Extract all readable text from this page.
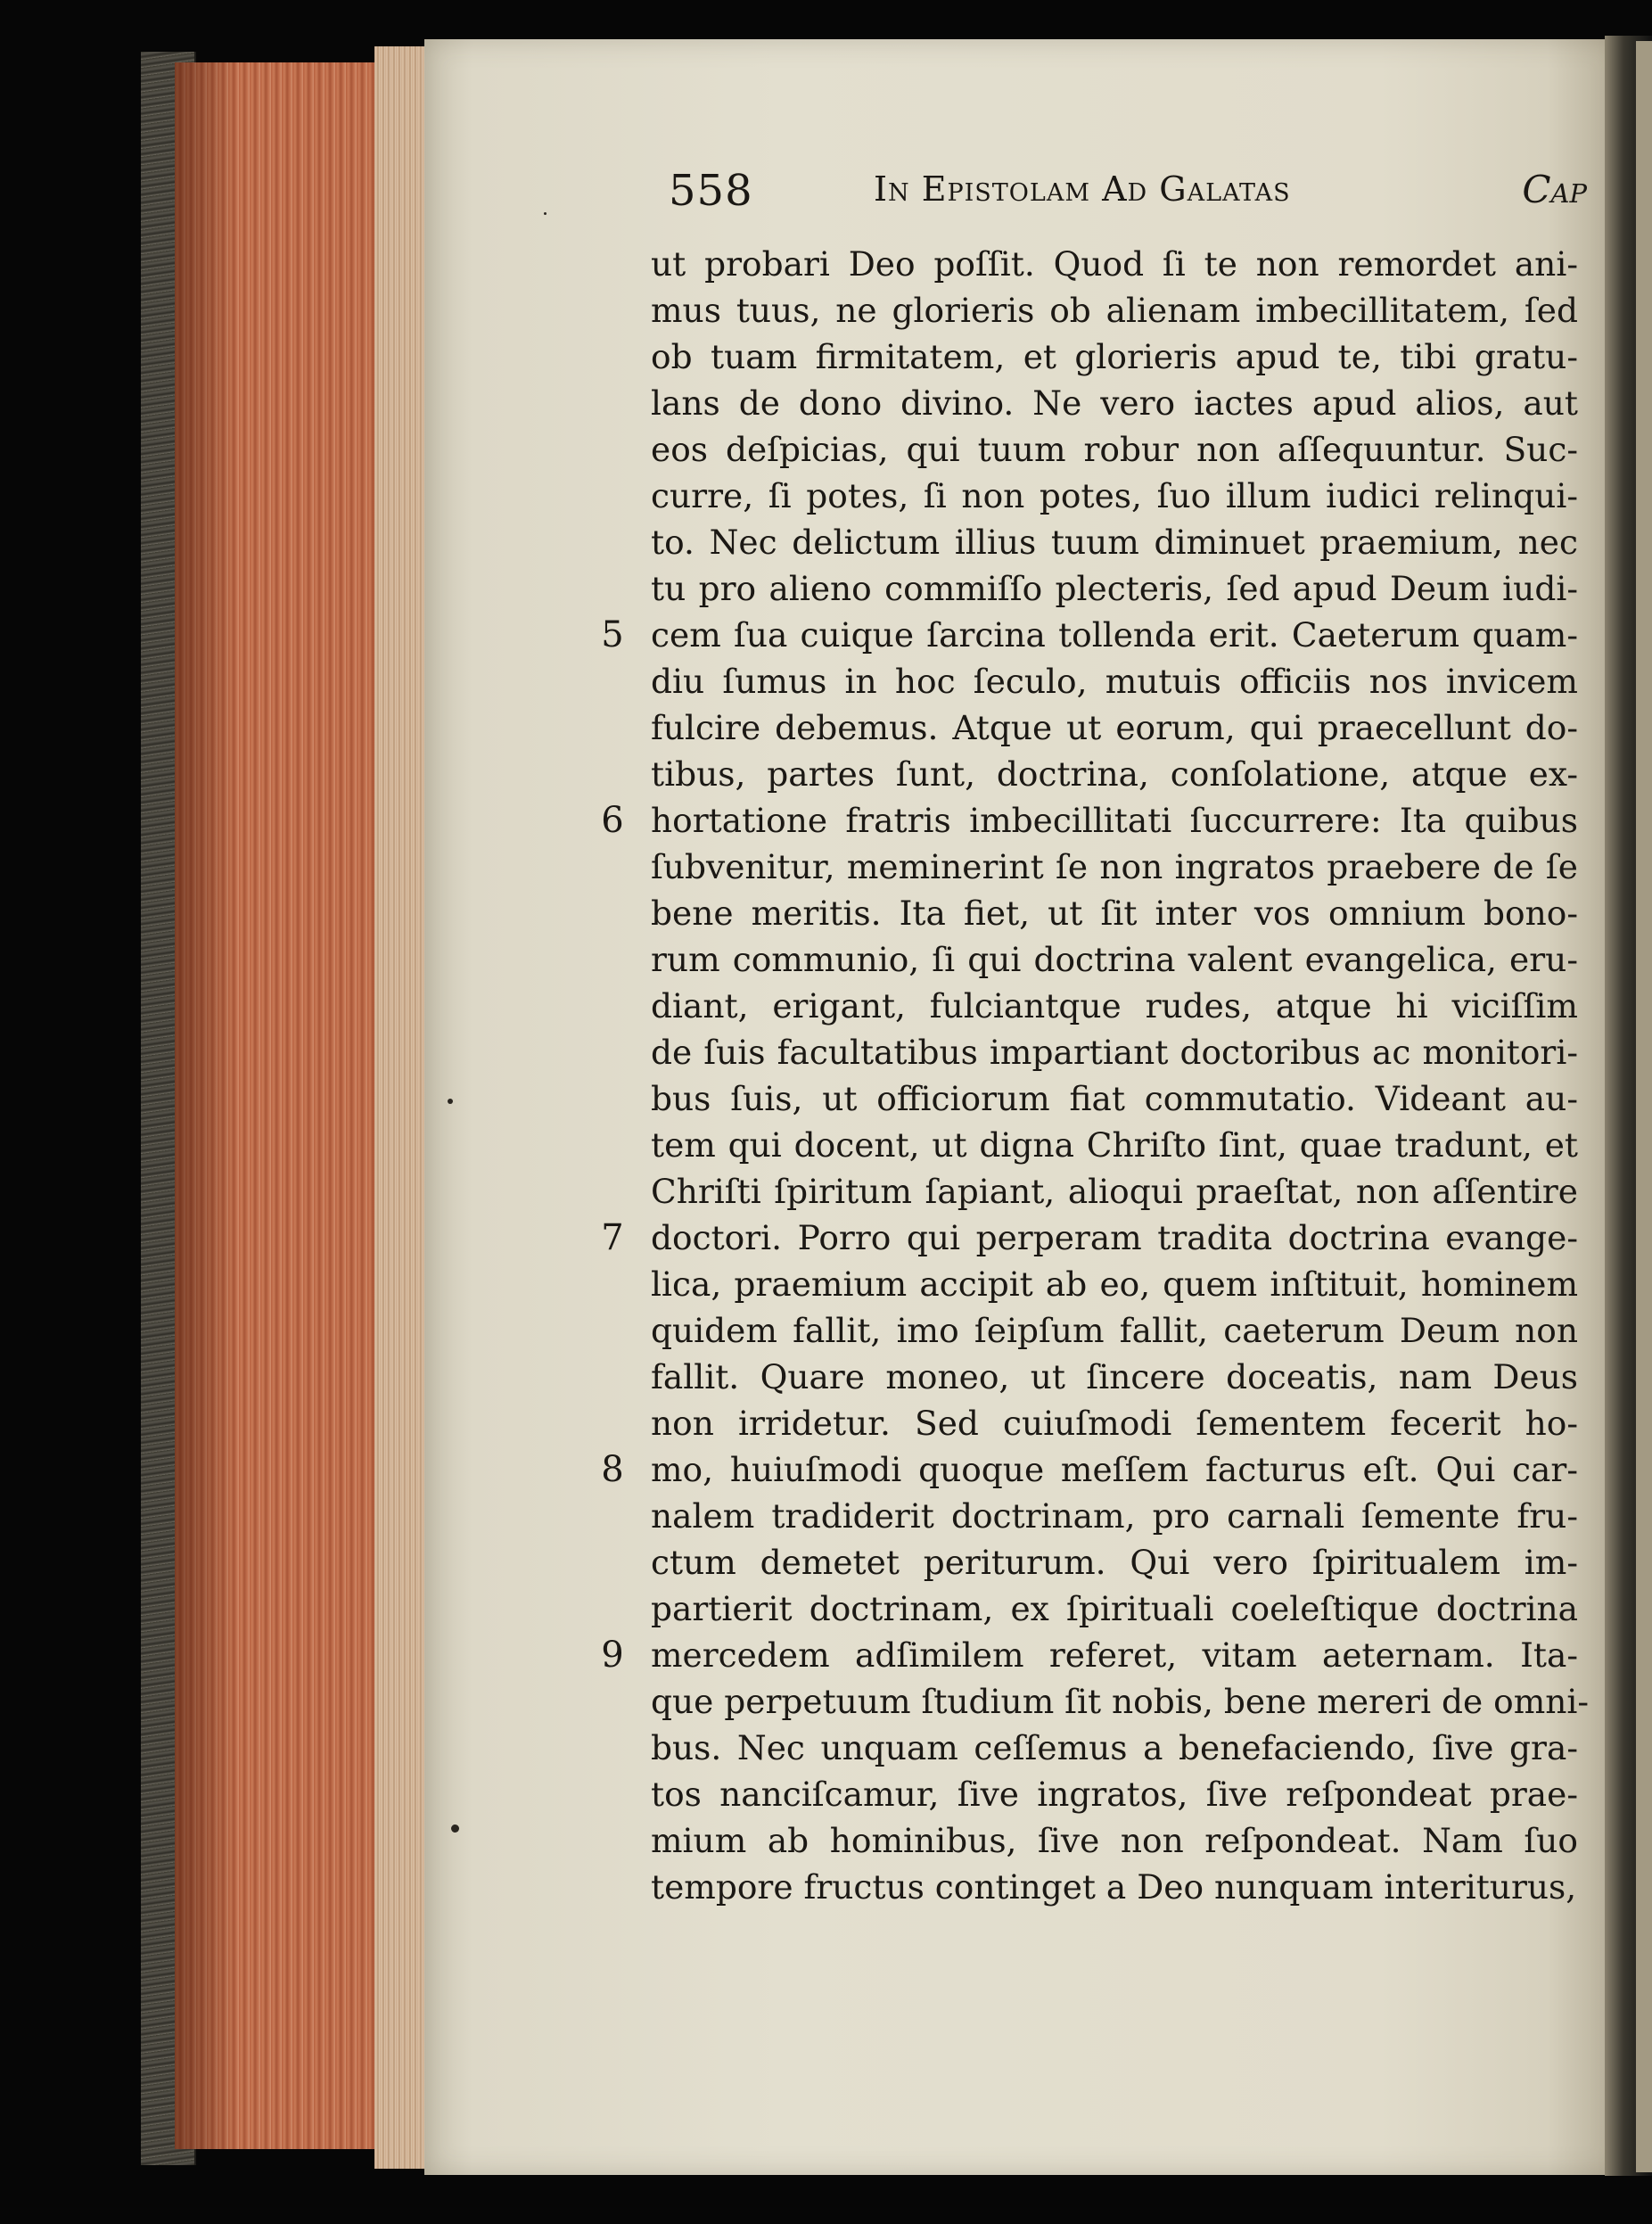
558	In Epistolam Ad Galatas	Cap
ut probari Deo poſſit. Quod ſi te non remordet ani-
mus tuus, ne glorieris ob alienam imbecillitatem, ſed
ob tuam firmitatem, et glorieris apud te, tibi gratu-
lans de dono divino. Ne vero iactes apud alios, aut
eos deſpicias, qui tuum robur non aſſequuntur. Suc-
curre, ſi potes, ſi non potes, ſuo illum iudici relinqui-
to. Nec delictum illius tuum diminuet praemium, nec
tu pro alieno commiſſo plecteris, ſed apud Deum iudi-
cem ſua cuique ſarcina tollenda erit. Caeterum quam-
diu ſumus in hoc ſeculo, mutuis officiis nos invicem
fulcire debemus. Atque ut eorum, qui praecellunt do-
tibus, partes ſunt, doctrina, conſolatione, atque ex-
hortatione fratris imbecillitati ſuccurrere: Ita quibus
ſubvenitur, meminerint ſe non ingratos praebere de ſe
bene meritis. Ita fiet, ut ſit inter vos omnium bono-
rum communio, ſi qui doctrina valent evangelica, eru-
diant, erigant, fulciantque rudes, atque hi viciſſim
de ſuis facultatibus impartiant doctoribus ac monitori-
bus ſuis, ut officiorum fiat commutatio. Videant au-
tem qui docent, ut digna Chriſto ſint, quae tradunt, et
Chriſti ſpiritum ſapiant, alioqui praeſtat, non aſſentire
doctori. Porro qui perperam tradita doctrina evange-
lica, praemium accipit ab eo, quem inſtituit, hominem
quidem fallit, imo ſeipſum fallit, caeterum Deum non
fallit. Quare moneo, ut ſincere doceatis, nam Deus
non irridetur. Sed cuiuſmodi ſementem fecerit ho-
mo, huiuſmodi quoque meſſem facturus eſt. Qui car-
nalem tradiderit doctrinam, pro carnali ſemente fru-
ctum demetet periturum. Qui vero ſpiritualem im-
partierit doctrinam, ex ſpirituali coeleſtique doctrina
mercedem adſimilem referet, vitam aeternam. Ita-
que perpetuum ſtudium ſit nobis, bene mereri de omni-
bus. Nec unquam ceſſemus a benefaciendo, ſive gra-
tos nanciſcamur, ſive ingratos, ſive reſpondeat prae-
mium ab hominibus, ſive non reſpondeat. Nam ſuo
tempore fructus continget a Deo nunquam interiturus,
5
6
7
8
9
